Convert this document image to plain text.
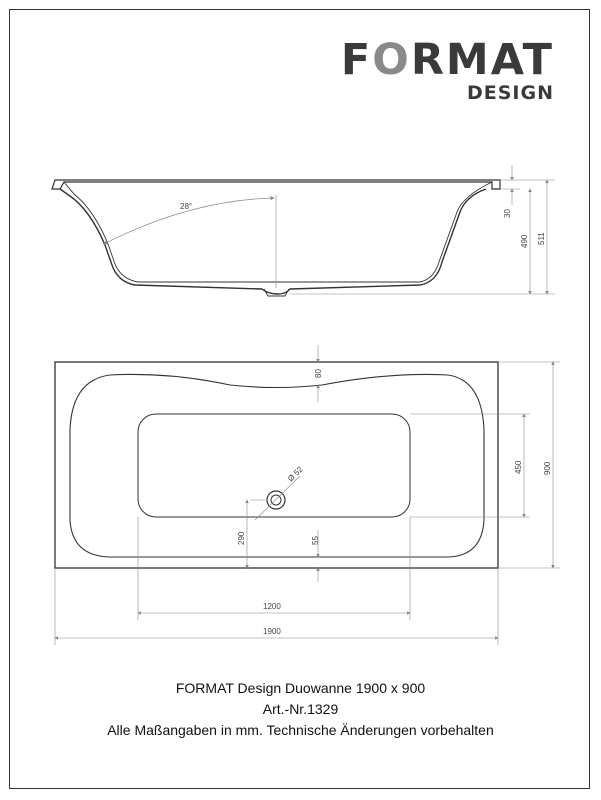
FORMAT
DESIGN
28°
30
490 511
Ø 52
80
55
290
450	900
1200
1900
FORMAT Design Duowanne 1900 x 900
Art.-Nr.1329
Alle Maßangaben in mm. Technische Änderungen vorbehalten
